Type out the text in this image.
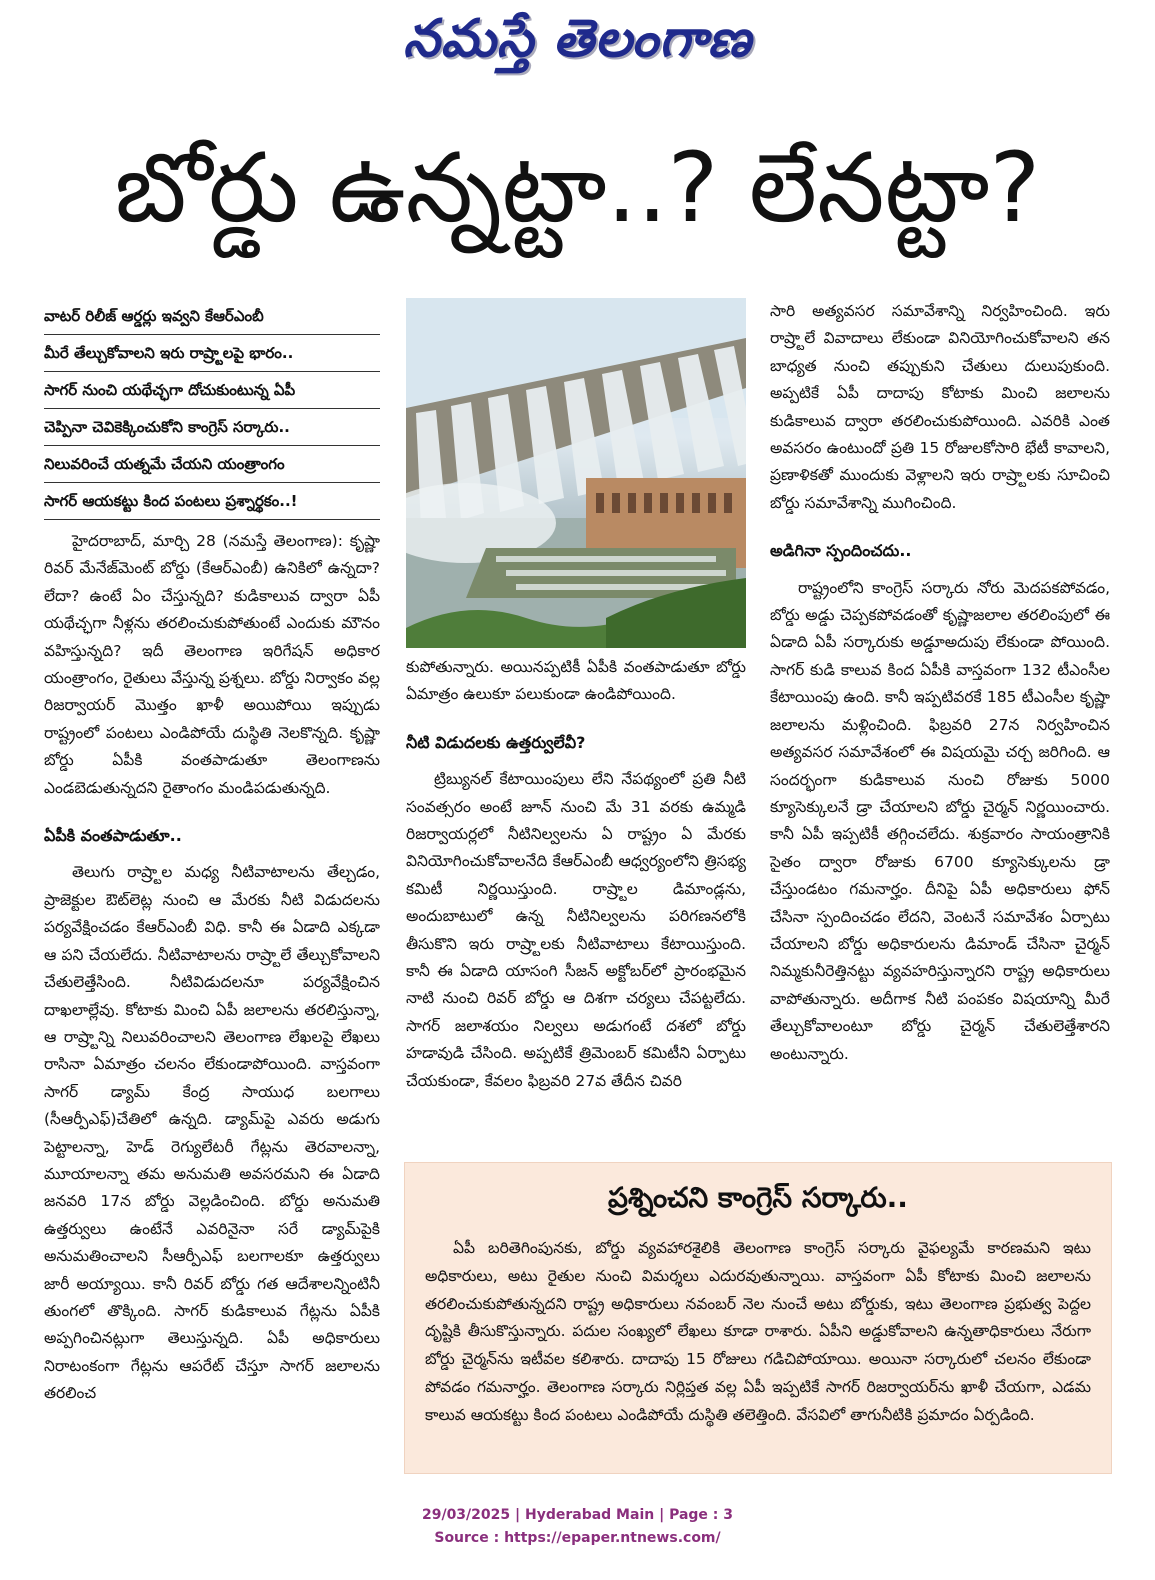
నమస్తే తెలంగాణ
బోర్డు ఉన్నట్టా..? లేనట్టా?
వాటర్ రిలీజ్ ఆర్డర్లు ఇవ్వని కేఆర్ఎంబీ
మీరే తేల్చుకోవాలని ఇరు రాష్ర్టాలపై భారం..
సాగర్ నుంచి యథేచ్ఛగా దోచుకుంటున్న ఏపీ
చెప్పినా చెవికెక్కించుకోని కాంగ్రెస్ సర్కారు..
నిలువరించే యత్నమే చేయని యంత్రాంగం
సాగర్ ఆయకట్టు కింద పంటలు ప్రశ్నార్థకం..!

హైదరాబాద్, మార్చి 28 (నమస్తే తెలంగాణ): కృష్ణా రివర్ మేనేజ్‌మెంట్ బోర్డు (కేఆర్ఎంబీ) ఉనికిలో ఉన్నదా? లేదా? ఉంటే ఏం చేస్తున్నది? కుడికాలువ ద్వారా ఏపీ యథేచ్ఛగా నీళ్లను తరలించుకుపోతుంటే ఎందుకు మౌనం వహిస్తున్నది? ఇదీ తెలంగాణ ఇరిగేషన్ అధికార యంత్రాంగం, రైతులు వేస్తున్న ప్రశ్నలు. బోర్డు నిర్వాకం వల్ల రిజర్వాయర్ మొత్తం ఖాళీ అయిపోయి ఇప్పుడు రాష్ట్రంలో పంటలు ఎండిపోయే దుస్థితి నెలకొన్నది. కృష్ణా బోర్డు ఏపీకి వంతపాడుతూ తెలంగాణను ఎండబెడుతున్నదని రైతాంగం మండిపడుతున్నది.

ఏపీకి వంతపాడుతూ..

తెలుగు రాష్ర్టాల మధ్య నీటివాటాలను తేల్చడం, ప్రాజెక్టుల ఔట్‌లెట్ల నుంచి ఆ మేరకు నీటి విడుదలను పర్యవేక్షించడం కేఆర్ఎంబీ విధి. కానీ ఈ ఏడాది ఎక్కడా ఆ పని చేయలేదు. నీటివాటాలను రాష్ర్టాలే తేల్చుకోవాలని చేతులెత్తేసింది. నీటివిడుదలనూ పర్యవేక్షించిన దాఖలాల్లేవు. కోటాకు మించి ఏపీ జలాలను తరలిస్తున్నా, ఆ రాష్ర్టాన్ని నిలువరించాలని తెలంగాణ లేఖలపై లేఖలు రాసినా ఏమాత్రం చలనం లేకుండాపోయింది. వాస్తవంగా సాగర్ డ్యామ్ కేంద్ర సాయుధ బలగాలు (సీఆర్పీఎఫ్)చేతిలో ఉన్నది. డ్యామ్‌పై ఎవరు అడుగు పెట్టాలన్నా, హెడ్ రెగ్యులేటరీ గేట్లను తెరవాలన్నా, మూయాలన్నా తమ అనుమతి అవసరమని ఈ ఏడాది జనవరి 17న బోర్డు వెల్లడించింది. బోర్డు అనుమతి ఉత్తర్వులు ఉంటేనే ఎవరినైనా సరే డ్యామ్‌పైకి అనుమతించాలని సీఆర్పీఎఫ్ బలగాలకూ ఉత్తర్వులు జారీ అయ్యాయి. కానీ రివర్ బోర్డు గత ఆదేశాలన్నింటినీ తుంగలో తొక్కింది. సాగర్ కుడికాలువ గేట్లను ఏపీకి అప్పగించినట్లుగా తెలుస్తున్నది. ఏపీ అధికారులు నిరాటంకంగా గేట్లను ఆపరేట్ చేస్తూ సాగర్ జలాలను తరలించ

కుపోతున్నారు. అయినప్పటికీ ఏపీకి వంతపాడుతూ బోర్డు ఏమాత్రం ఉలుకూ పలుకుండా ఉండిపోయింది.

నీటి విడుదలకు ఉత్తర్వులేవీ?

ట్రిబ్యునల్ కేటాయింపులు లేని నేపథ్యంలో ప్రతి నీటి సంవత్సరం అంటే జూన్ నుంచి మే 31 వరకు ఉమ్మడి రిజర్వాయర్లలో నీటినిల్వలను ఏ రాష్ట్రం ఏ మేరకు వినియోగించుకోవాలనేది కేఆర్ఎంబీ ఆధ్వర్యంలోని త్రిసభ్య కమిటీ నిర్ణయిస్తుంది. రాష్ర్టాల డిమాండ్లను, అందుబాటులో ఉన్న నీటినిల్వలను పరిగణనలోకి తీసుకొని ఇరు రాష్ర్టాలకు నీటివాటాలు కేటాయిస్తుంది. కానీ ఈ ఏడాది యాసంగి సీజన్ అక్టోబర్‌లో ప్రారంభమైన నాటి నుంచి రివర్ బోర్డు ఆ దిశగా చర్యలు చేపట్టలేదు. సాగర్ జలాశయం నిల్వలు అడుగంటే దశలో బోర్డు హడావుడి చేసింది. అప్పటికే త్రిమెంబర్ కమిటీని ఏర్పాటు చేయకుండా, కేవలం ఫిబ్రవరి 27వ తేదీన చివరి

సారి అత్యవసర సమావేశాన్ని నిర్వహించింది. ఇరు రాష్ర్టాలే వివాదాలు లేకుండా వినియోగించుకోవాలని తన బాధ్యత నుంచి తప్పుకుని చేతులు దులుపుకుంది. అప్పటికే ఏపీ దాదాపు కోటాకు మించి జలాలను కుడికాలువ ద్వారా తరలించుకుపోయింది. ఎవరికి ఎంత అవసరం ఉంటుందో ప్రతి 15 రోజులకోసారి భేటీ కావాలని, ప్రణాళికతో ముందుకు వెళ్లాలని ఇరు రాష్ర్టాలకు సూచించి బోర్డు సమావేశాన్ని ముగించింది.

అడిగినా స్పందించదు..

రాష్ట్రంలోని కాంగ్రెస్ సర్కారు నోరు మెదపకపోవడం, బోర్డు అడ్డు చెప్పకపోవడంతో కృష్ణాజలాల తరలింపులో ఈ ఏడాది ఏపీ సర్కారుకు అడ్డూఅదుపు లేకుండా పోయింది. సాగర్ కుడి కాలువ కింద ఏపీకి వాస్తవంగా 132 టీఎంసీల కేటాయింపు ఉంది. కానీ ఇప్పటివరకే 185 టీఎంసీల కృష్ణా జలాలను మళ్లించింది. ఫిబ్రవరి 27న నిర్వహించిన అత్యవసర సమావేశంలో ఈ విషయమై చర్చ జరిగింది. ఆ సందర్భంగా కుడికాలువ నుంచి రోజుకు 5000 క్యూసెక్కులనే డ్రా చేయాలని బోర్డు చైర్మన్ నిర్ణయించారు. కానీ ఏపీ ఇప్పటికీ తగ్గించలేదు. శుక్రవారం సాయంత్రానికి సైతం ద్వారా రోజుకు 6700 క్యూసెక్కులను డ్రా చేస్తుండటం గమనార్హం. దీనిపై ఏపీ అధికారులు ఫోన్ చేసినా స్పందించడం లేదని, వెంటనే సమావేశం ఏర్పాటు చేయాలని బోర్డు అధికారులను డిమాండ్ చేసినా చైర్మన్ నిమ్మకునీరెత్తినట్టు వ్యవహరిస్తున్నారని రాష్ట్ర అధికారులు వాపోతున్నారు. అదీగాక నీటి పంపకం విషయాన్ని మీరే తేల్చుకోవాలంటూ బోర్డు చైర్మన్ చేతులెత్తేశారని అంటున్నారు.

ప్రశ్నించని కాంగ్రెస్ సర్కారు..

ఏపీ బరితెగింపునకు, బోర్డు వ్యవహారశైలికి తెలంగాణ కాంగ్రెస్ సర్కారు వైఫల్యమే కారణమని ఇటు అధికారులు, అటు రైతుల నుంచి విమర్శలు ఎదురవుతున్నాయి. వాస్తవంగా ఏపీ కోటాకు మించి జలాలను తరలించుకుపోతున్నదని రాష్ట్ర అధికారులు నవంబర్ నెల నుంచే అటు బోర్డుకు, ఇటు తెలంగాణ ప్రభుత్వ పెద్దల దృష్టికి తీసుకొస్తున్నారు. పదుల సంఖ్యలో లేఖలు కూడా రాశారు. ఏపీని అడ్డుకోవాలని ఉన్నతాధికారులు నేరుగా బోర్డు చైర్మన్‌ను ఇటీవల కలిశారు. దాదాపు 15 రోజులు గడిచిపోయాయి. అయినా సర్కారులో చలనం లేకుండా పోవడం గమనార్హం. తెలంగాణ సర్కారు నిర్లిప్తత వల్ల ఏపీ ఇప్పటికే సాగర్ రిజర్వాయర్‌ను ఖాళీ చేయగా, ఎడమ కాలువ ఆయకట్టు కింద పంటలు ఎండిపోయే దుస్థితి తలెత్తింది. వేసవిలో తాగునీటికి ప్రమాదం ఏర్పడింది.

29/03/2025 | Hyderabad Main | Page : 3
Source : https://epaper.ntnews.com/
